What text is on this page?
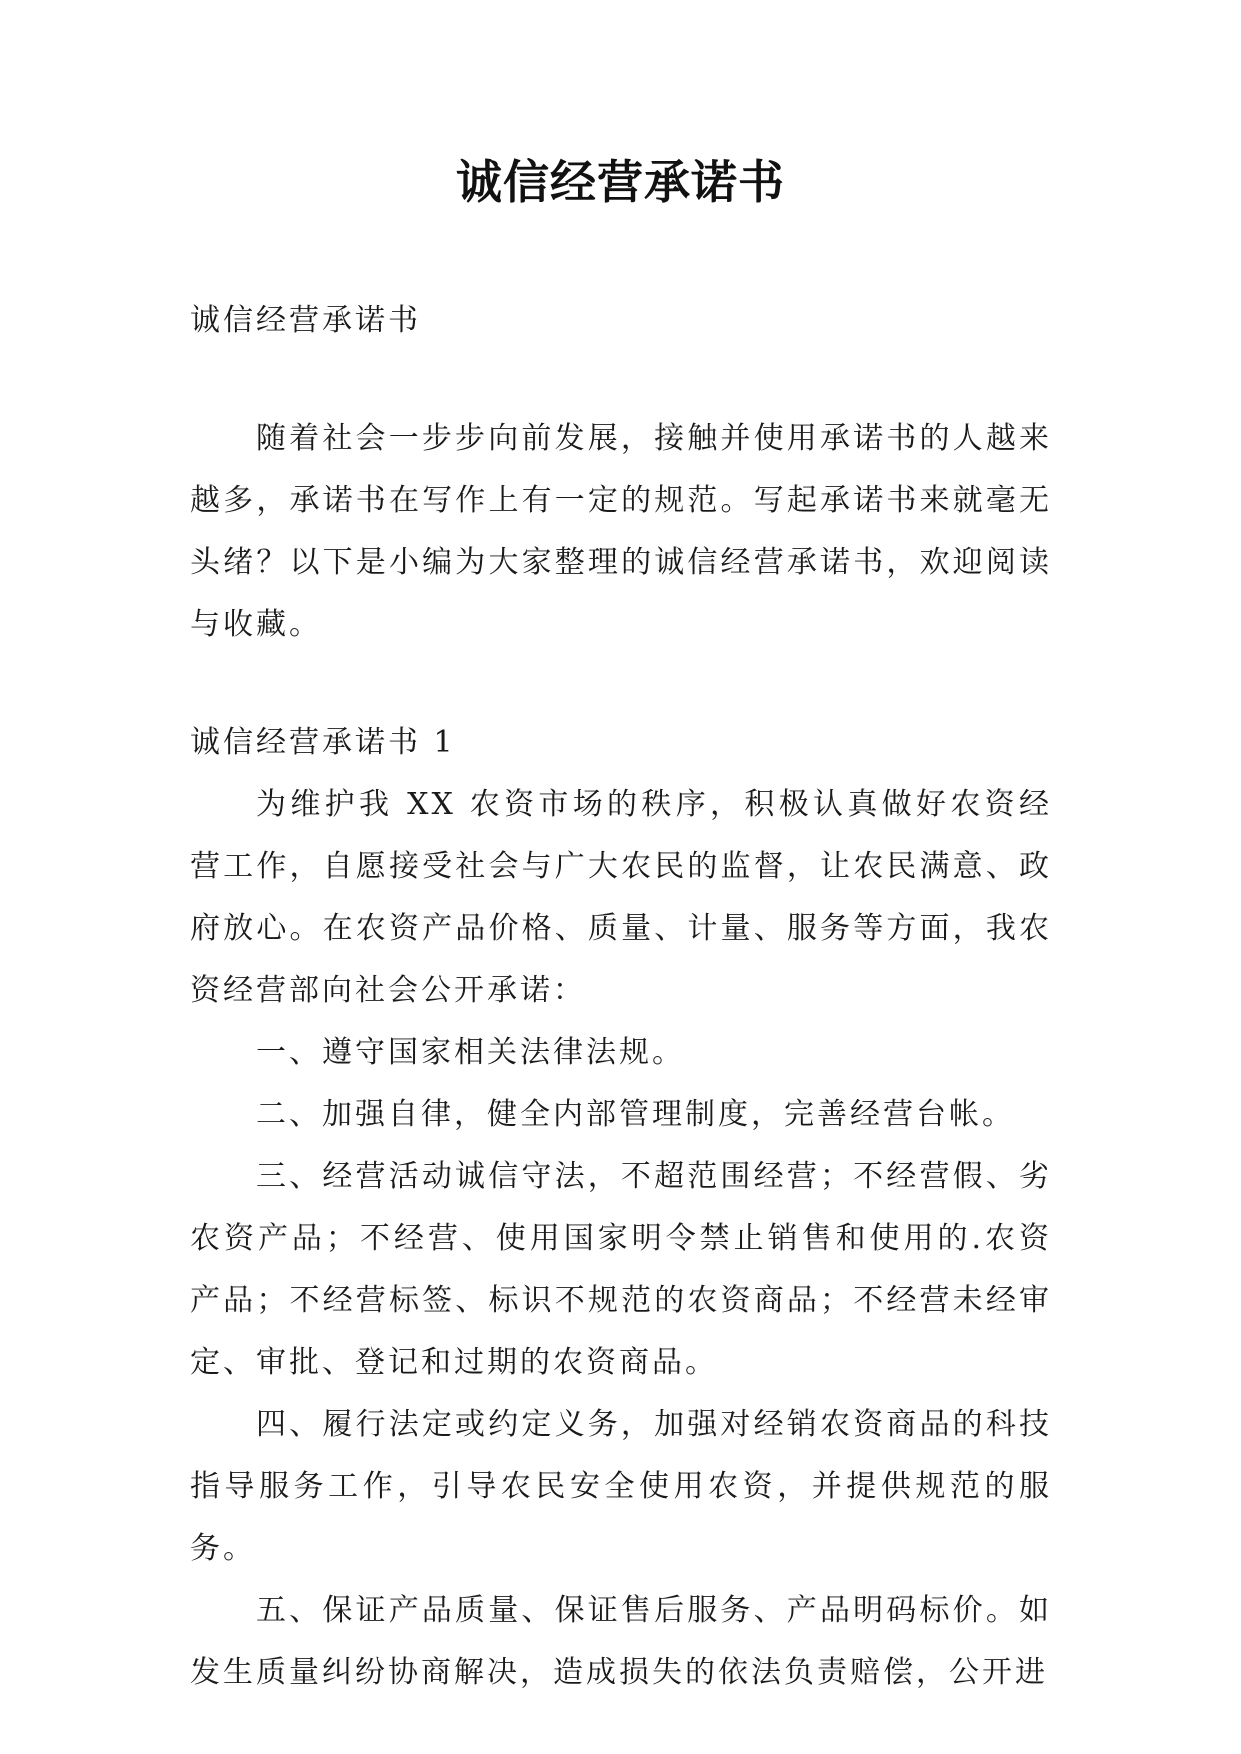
诚信经营承诺书

诚信经营承诺书

随着社会一步步向前发展，接触并使用承诺书的人越来越多，承诺书在写作上有一定的规范。写起承诺书来就毫无头绪？以下是小编为大家整理的诚信经营承诺书，欢迎阅读与收藏。

诚信经营承诺书 1

为维护我 XX 农资市场的秩序，积极认真做好农资经营工作，自愿接受社会与广大农民的监督，让农民满意、政府放心。在农资产品价格、质量、计量、服务等方面，我农资经营部向社会公开承诺：

一、遵守国家相关法律法规。

二、加强自律，健全内部管理制度，完善经营台帐。

三、经营活动诚信守法，不超范围经营；不经营假、劣农资产品；不经营、使用国家明令禁止销售和使用的.农资产品；不经营标签、标识不规范的农资商品；不经营未经审定、审批、登记和过期的农资商品。

四、履行法定或约定义务，加强对经销农资商品的科技指导服务工作，引导农民安全使用农资，并提供规范的服务。

五、保证产品质量、保证售后服务、产品明码标价。如发生质量纠纷协商解决，造成损失的依法负责赔偿，公开进
